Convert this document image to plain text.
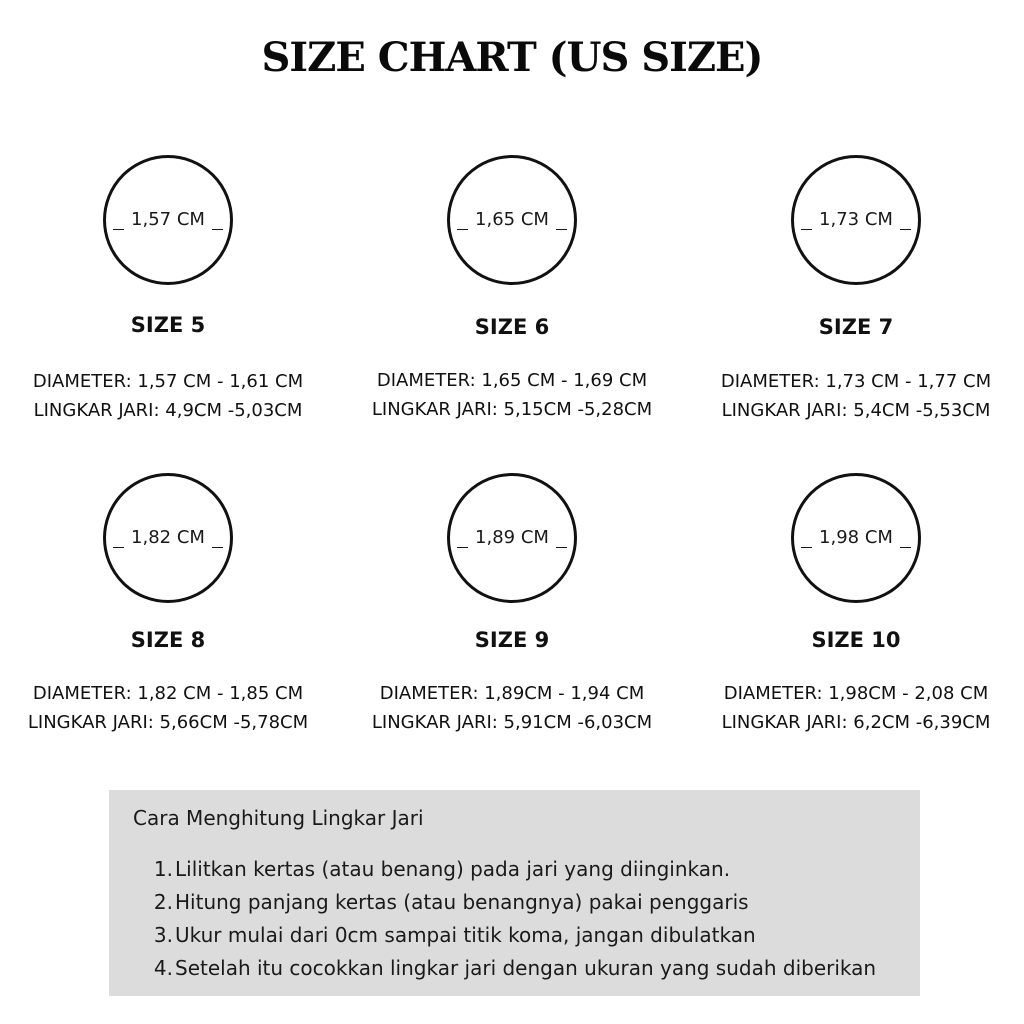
SIZE CHART (US SIZE)
1,57 CM
SIZE 5
DIAMETER: 1,57 CM - 1,61 CM
LINGKAR JARI: 4,9CM -5,03CM
1,65 CM
SIZE 6
DIAMETER: 1,65 CM - 1,69 CM
LINGKAR JARI: 5,15CM -5,28CM
1,73 CM
SIZE 7
DIAMETER: 1,73 CM - 1,77 CM
LINGKAR JARI: 5,4CM -5,53CM
1,82 CM
SIZE 8
DIAMETER: 1,82 CM - 1,85 CM
LINGKAR JARI: 5,66CM -5,78CM
1,89 CM
SIZE 9
DIAMETER: 1,89CM - 1,94 CM
LINGKAR JARI: 5,91CM -6,03CM
1,98 CM
SIZE 10
DIAMETER: 1,98CM - 2,08 CM
LINGKAR JARI: 6,2CM -6,39CM
Cara Menghitung Lingkar Jari
1. Lilitkan kertas (atau benang) pada jari yang diinginkan.
2. Hitung panjang kertas (atau benangnya) pakai penggaris
3. Ukur mulai dari 0cm sampai titik koma, jangan dibulatkan
4. Setelah itu cocokkan lingkar jari dengan ukuran yang sudah diberikan
